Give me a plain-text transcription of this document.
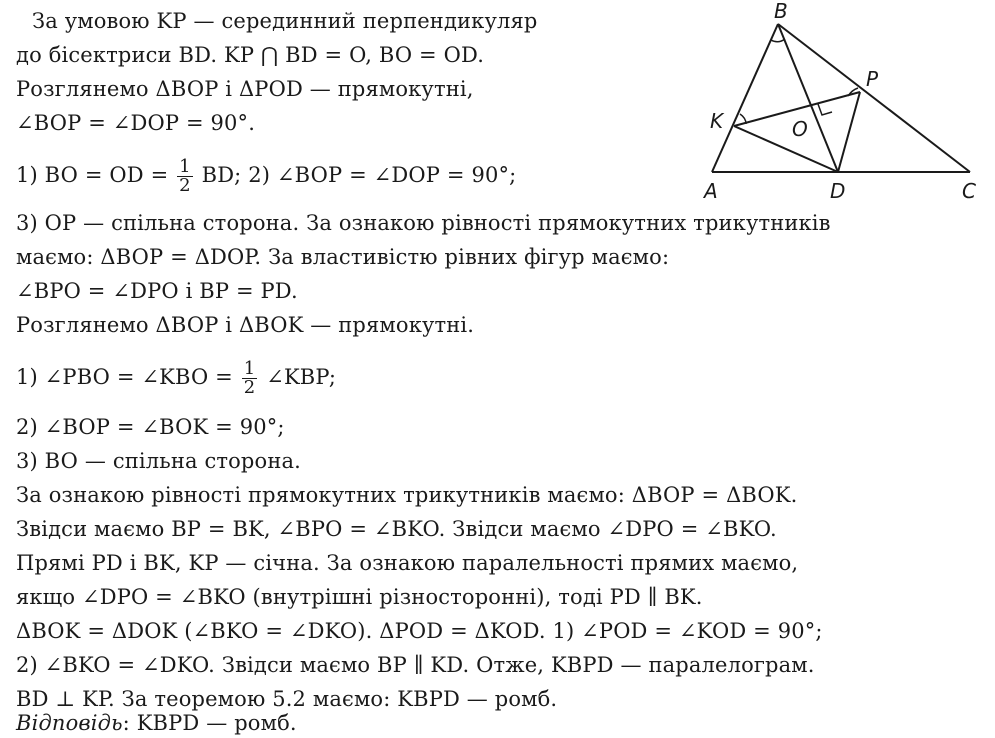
За умовою KP — серединний перпендикуляр
до бісектриси BD. KP ⋂ BD = O, BO = OD.
Розглянемо ΔBOP і ΔPOD — прямокутні,
∠BOP = ∠DOP = 90°.
1) BO = OD = $\frac{1}{2}$ BD; 2) ∠BOP = ∠DOP = 90°;
3) OP — спільна сторона. За ознакою рівності прямокутних трикутників
маємо: ΔBOP = ΔDOP. За властивістю рівних фігур маємо:
∠BPO = ∠DPO і BP = PD.
Розглянемо ΔBOP і ΔBOK — прямокутні.
1) ∠PBO = ∠KBO = $\frac{1}{2}$ ∠KBP;
2) ∠BOP = ∠BOK = 90°;
3) BO — спільна сторона.
За ознакою рівності прямокутних трикутників маємо: ΔBOP = ΔBOK.
Звідси маємо BP = BK, ∠BPO = ∠BKO. Звідси маємо ∠DPO = ∠BKO.
Прямі PD і BK, KP — січна. За ознакою паралельності прямих маємо,
якщо ∠DPO = ∠BKO (внутрішні різносторонні), тоді PD ∥ BK.
ΔBOK = ΔDOK (∠BKO = ∠DKO). ΔPOD = ΔKOD. 1) ∠POD = ∠KOD = 90°;
2) ∠BKO = ∠DKO. Звідси маємо BP ∥ KD. Отже, KBPD — паралелограм.
BD ⊥ KP. За теоремою 5.2 маємо: KBPD — ромб.
Відповідь: KBPD — ромб.
B
P
K	O
A	D	C
